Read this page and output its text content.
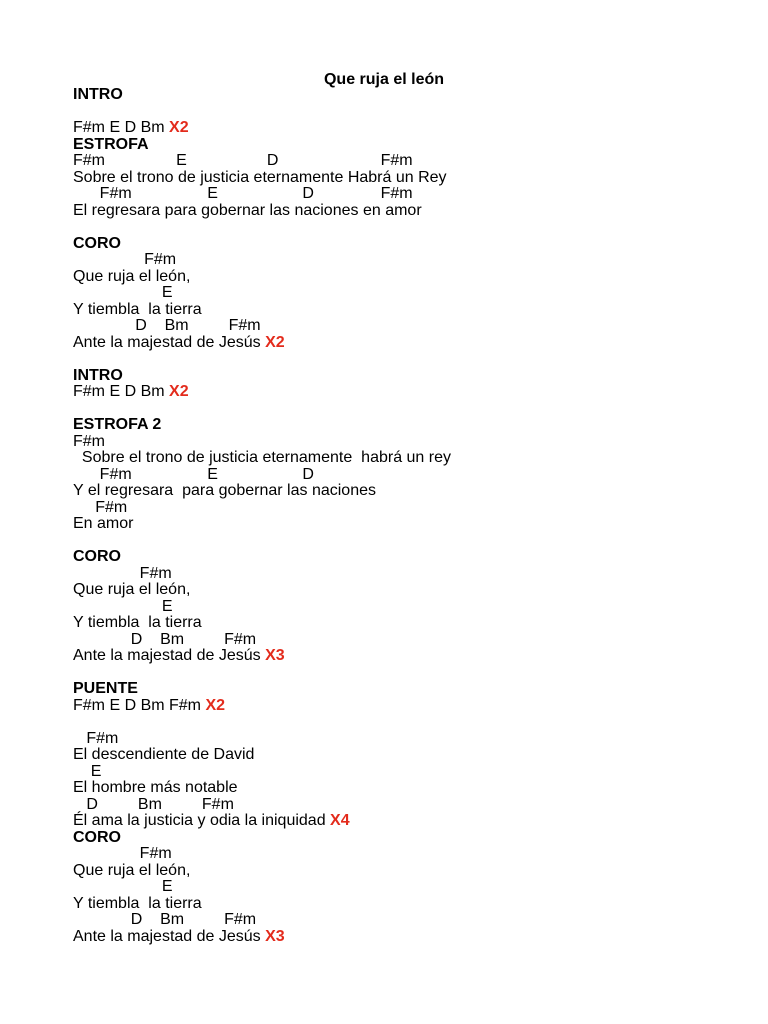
Que ruja el león
INTRO
F#m E D Bm X2
ESTROFA
F#m                E                  D                       F#m
Sobre el trono de justicia eternamente Habrá un Rey
F#m                 E                   D               F#m
El regresara para gobernar las naciones en amor
CORO
F#m
Que ruja el león,
E
Y tiembla  la tierra
D    Bm         F#m
Ante la majestad de Jesús X2
INTRO
F#m E D Bm X2
ESTROFA 2
F#m
Sobre el trono de justicia eternamente  habrá un rey
F#m                 E                   D
Y el regresara  para gobernar las naciones
F#m
En amor
CORO
F#m
Que ruja el león,
E
Y tiembla  la tierra
D    Bm         F#m
Ante la majestad de Jesús X3
PUENTE
F#m E D Bm F#m X2
F#m
El descendiente de David
E
El hombre más notable
D         Bm         F#m
Él ama la justicia y odia la iniquidad X4
CORO
F#m
Que ruja el león,
E
Y tiembla  la tierra
D    Bm         F#m
Ante la majestad de Jesús X3
